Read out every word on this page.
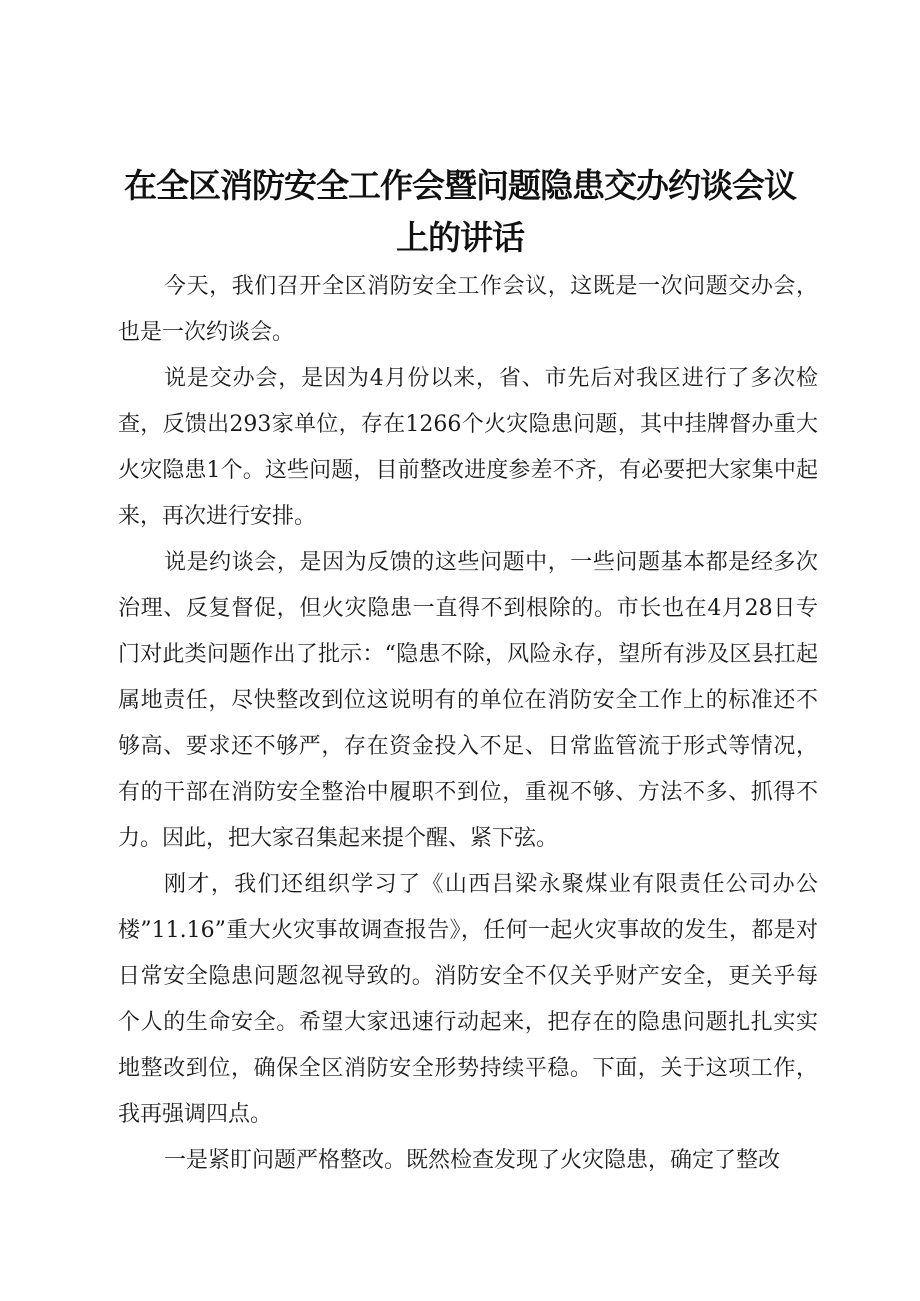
在全区消防安全工作会暨问题隐患交办约谈会议上的讲话

今天，我们召开全区消防安全工作会议，这既是一次问题交办会，也是一次约谈会。

说是交办会，是因为4月份以来，省、市先后对我区进行了多次检查，反馈出293家单位，存在1266个火灾隐患问题，其中挂牌督办重大火灾隐患1个。这些问题，目前整改进度参差不齐，有必要把大家集中起来，再次进行安排。

说是约谈会，是因为反馈的这些问题中，一些问题基本都是经多次治理、反复督促，但火灾隐患一直得不到根除的。市长也在4月28日专门对此类问题作出了批示：“隐患不除，风险永存，望所有涉及区县扛起属地责任，尽快整改到位这说明有的单位在消防安全工作上的标准还不够高、要求还不够严，存在资金投入不足、日常监管流于形式等情况，有的干部在消防安全整治中履职不到位，重视不够、方法不多、抓得不力。因此，把大家召集起来提个醒、紧下弦。

刚才，我们还组织学习了《山西吕梁永聚煤业有限责任公司办公楼”11.16”重大火灾事故调查报告》，任何一起火灾事故的发生，都是对日常安全隐患问题忽视导致的。消防安全不仅关乎财产安全，更关乎每个人的生命安全。希望大家迅速行动起来，把存在的隐患问题扎扎实实地整改到位，确保全区消防安全形势持续平稳。下面，关于这项工作，我再强调四点。

一是紧盯问题严格整改。既然检查发现了火灾隐患，确定了整改
